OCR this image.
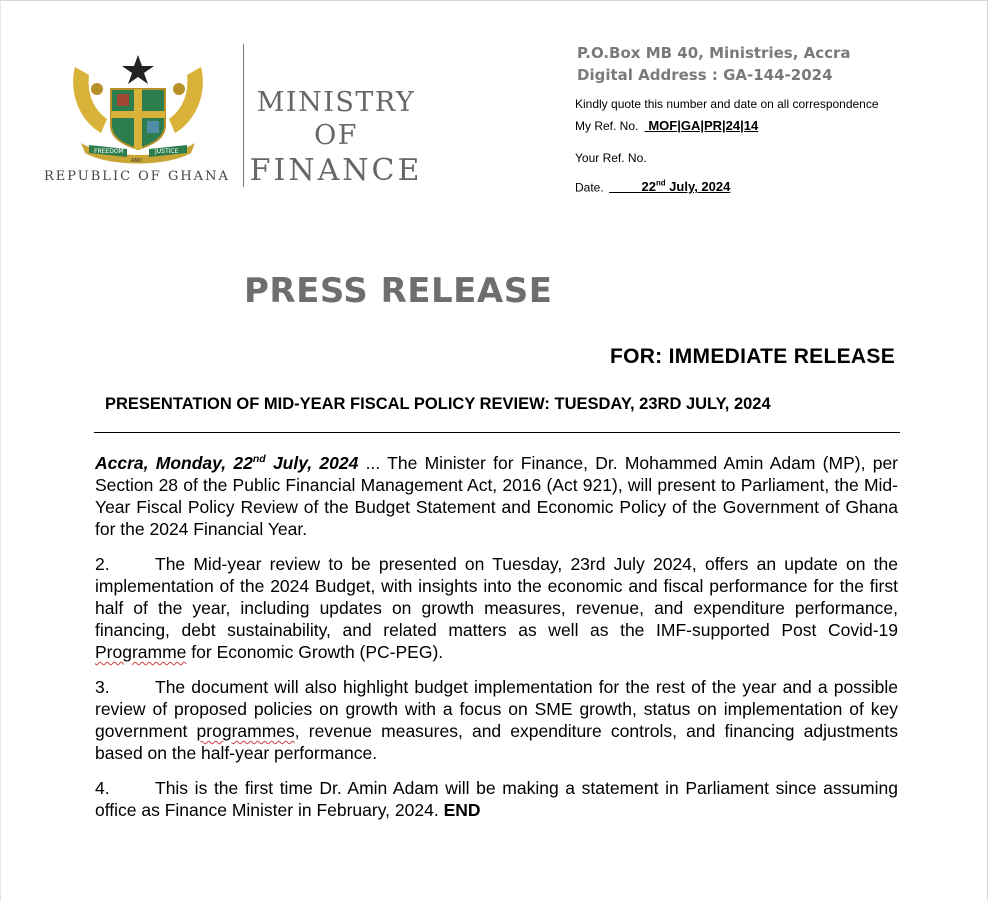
FREEDOM	JUSTICE
AND
REPUBLIC OF GHANA
MINISTRY
OF
FINANCE
P.O.Box MB 40, Ministries, Accra
Digital Address : GA-144-2024
Kindly quote this number and date on all correspondence
My Ref. No. MOF|GA|PR|24|14
Your Ref. No.
Date.	22nd July, 2024
PRESS RELEASE
FOR: IMMEDIATE RELEASE
PRESENTATION OF MID-YEAR FISCAL POLICY REVIEW: TUESDAY, 23RD JULY, 2024

Accra, Monday, 22nd July, 2024 ... The Minister for Finance, Dr. Mohammed Amin Adam (MP), per Section 28 of the Public Financial Management Act, 2016 (Act 921), will present to Parliament, the Mid-Year Fiscal Policy Review of the Budget Statement and Economic Policy of the Government of Ghana for the 2024 Financial Year.

2.	The Mid-year review to be presented on Tuesday, 23rd July 2024, offers an update on the implementation of the 2024 Budget, with insights into the economic and fiscal performance for the first half of the year, including updates on growth measures, revenue, and expenditure performance, financing, debt sustainability, and related matters as well as the IMF-supported Post Covid-19 Programme for Economic Growth (PC-PEG).

3.	The document will also highlight budget implementation for the rest of the year and a possible review of proposed policies on growth with a focus on SME growth, status on implementation of key government programmes, revenue measures, and expenditure controls, and financing adjustments based on the half-year performance.

4.	This is the first time Dr. Amin Adam will be making a statement in Parliament since assuming office as Finance Minister in February, 2024. END
